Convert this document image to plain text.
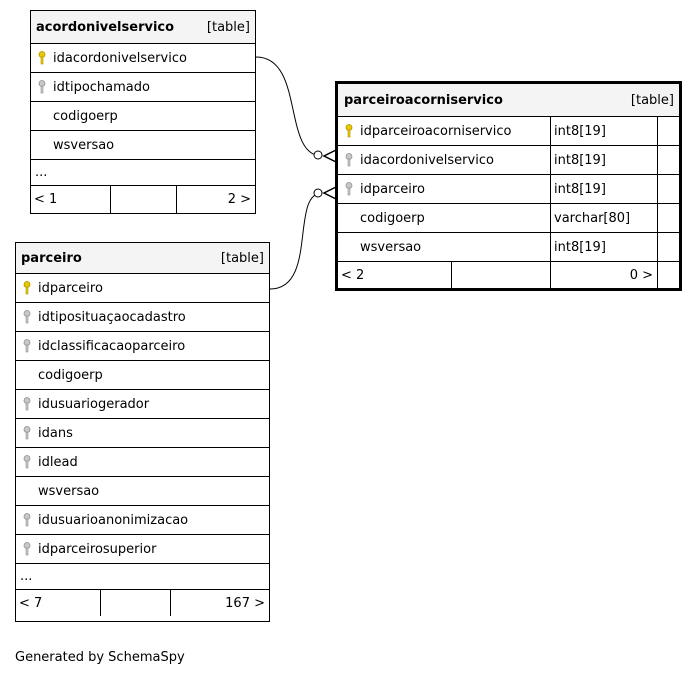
acordonivelservico	[table]
idacordonivelservico
idtipochamado
codigoerp
wsversao
...
< 1	2 >
parceiro	[table]
idparceiro
idtiposituaçaocadastro
idclassificacaoparceiro
codigoerp
idusuariogerador
idans
idlead
wsversao
idusuarioanonimizacao
idparceirosuperior
...
< 7	167 >
parceiroacorniservico	[table]
idparceiroacorniservico	int8[19]
idacordonivelservico	int8[19]
idparceiro	int8[19]
codigoerp	varchar[80]
wsversao	int8[19]
< 2	0 >
Generated by SchemaSpy
